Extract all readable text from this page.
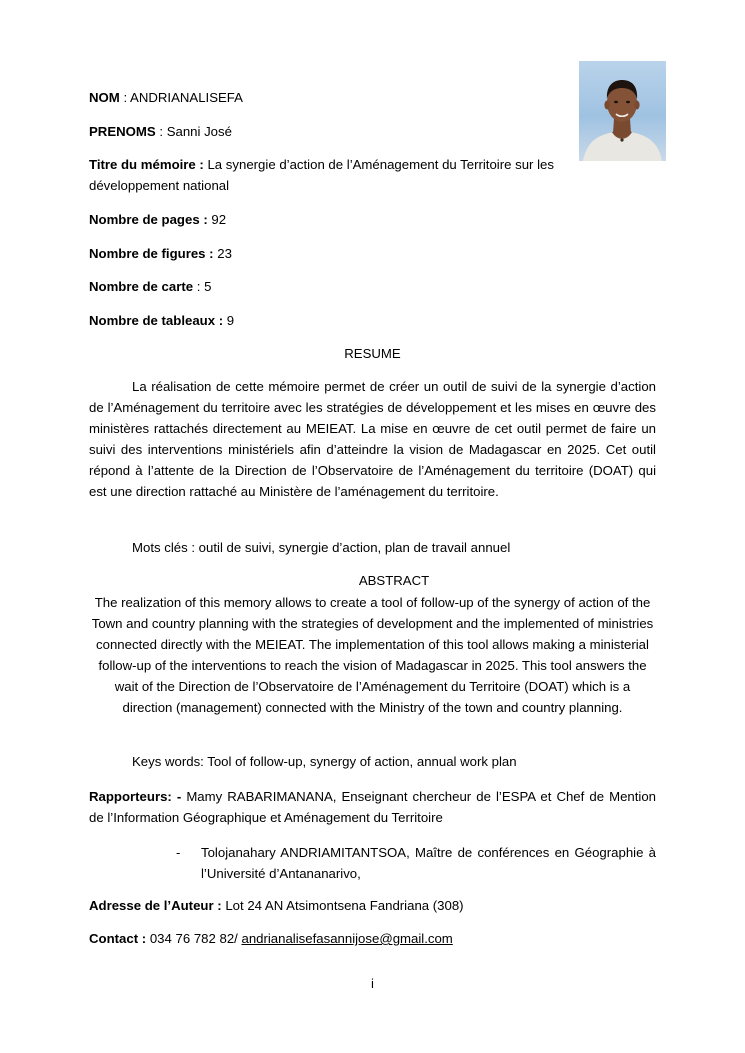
NOM : ANDRIANALISEFA

PRENOMS : Sanni José

Titre du mémoire : La synergie d’action de l’Aménagement du Territoire sur les développement national

Nombre de pages : 92

Nombre de figures : 23

Nombre de carte : 5

Nombre de tableaux : 9

RESUME

La réalisation de cette mémoire permet de créer un outil de suivi de la synergie d’action de l’Aménagement du territoire avec les stratégies de développement et les mises en œuvre des ministères rattachés directement au MEIEAT. La mise en œuvre de cet outil permet de faire un suivi des interventions ministériels afin d’atteindre la vision de Madagascar en 2025. Cet outil répond à l’attente de la Direction de l’Observatoire de l’Aménagement du territoire (DOAT) qui est une direction rattaché au Ministère de l’aménagement du territoire.

Mots clés : outil de suivi, synergie d’action, plan de travail annuel

ABSTRACT

The realization of this memory allows to create a tool of follow-up of the synergy of action of the Town and country planning with the strategies of development and the implemented of ministries connected directly with the MEIEAT. The implementation of this tool allows making a ministerial follow-up of the interventions to reach the vision of Madagascar in 2025. This tool answers the wait of the Direction de l’Observatoire de l’Aménagement du Territoire (DOAT) which is a direction (management) connected with the Ministry of the town and country planning.

Keys words: Tool of follow-up, synergy of action, annual work plan

Rapporteurs: - Mamy RABARIMANANA, Enseignant chercheur de l’ESPA et Chef de Mention de l’Information Géographique et Aménagement du Territoire

- Tolojanahary ANDRIAMITANTSOA, Maître de conférences en Géographie à l’Université d’Antananarivo,

Adresse de l’Auteur : Lot 24 AN Atsimontsena Fandriana (308)

Contact : 034 76 782 82/ andrianalisefasannijose@gmail.com

i
